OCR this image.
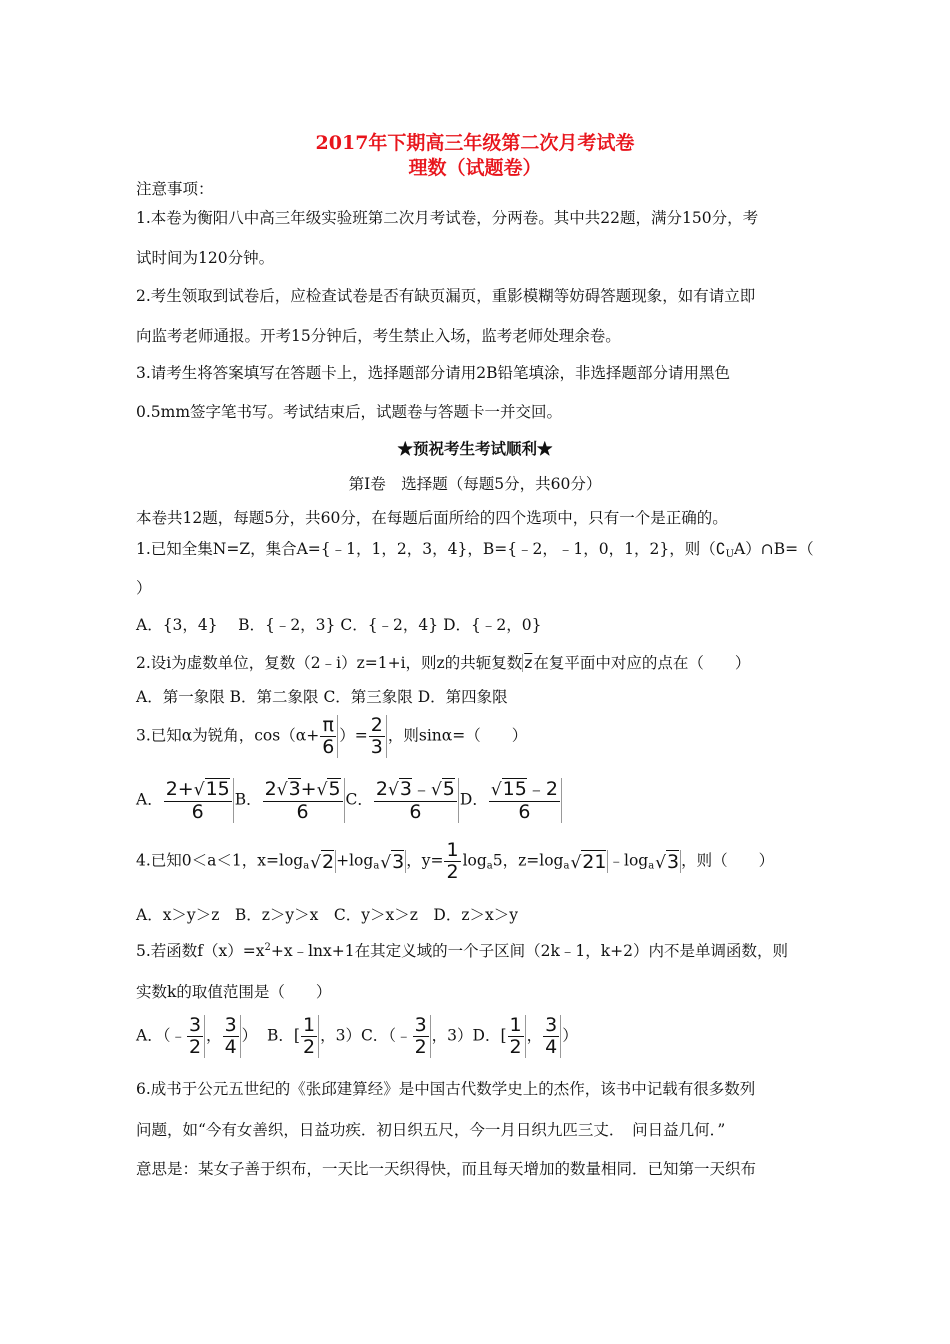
2017年下期高三年级第二次月考试卷
理数（试题卷）
注意事项：
1.本卷为衡阳八中高三年级实验班第二次月考试卷，分两卷。其中共22题，满分150分，考
试时间为120分钟。
2.考生领取到试卷后，应检查试卷是否有缺页漏页，重影模糊等妨碍答题现象，如有请立即
向监考老师通报。开考15分钟后，考生禁止入场，监考老师处理余卷。
3.请考生将答案填写在答题卡上，选择题部分请用2B铅笔填涂，非选择题部分请用黑色
0.5mm签字笔书写。考试结束后，试题卷与答题卡一并交回。
★预祝考生考试顺利★
第Ⅰ卷　选择题（每题5分，共60分）
本卷共12题，每题5分，共60分，在每题后面所给的四个选项中，只有一个是正确的。
1.已知全集N=Z，集合A={﹣1，1，2，3，4}，B={﹣2，﹣1，0，1，2}，则$(∁_UA)\cap B=$（
）
A．{3，4}　 B．{﹣2，3} C．{﹣2，4} D．{﹣2，0}
2.设i为虚数单位，复数（2﹣i）z=1+i，则z的共轭复数 $\overline{z}$在复平面中对应的点在（　　）
A．第一象限 B．第二象限 C．第三象限 D．第四象限
3.已知α为锐角，$\cos(\alpha+ \frac{\pi}{6}$ ）= $\frac{2}{3}$ ，则sinα=（　　）
A． $\frac{2+√15}{6}$ B． $\frac{2√3+√5}{6}$ C． $\frac{2√3﹣√5}{6}$ D． $\frac{√15﹣2}{6}$
4.已知0＜a＜1，$x=\log_a√2 +\log_a√3$ ，$y= \frac{1}{2} \log_a5$，$z=\log_a√21$ $﹣\log_a√3$ ，则（　　）
A．x＞y＞z　B．z＞y＞x　C．y＞x＞z　D．z＞x＞y
5.若函数$f(x)=x^2+x﹣\ln x+1$在其定义域的一个子区间（2k﹣1，k+2）内不是单调函数，则
实数k的取值范围是（　　）
A．（﹣ $\frac{3}{2}$ ， $\frac{3}{4}$ ） B．[ $\frac{1}{2}$ ，3）C．（﹣ $\frac{3}{2}$ ，3）D．[ $\frac{1}{2}$ ， $\frac{3}{4}$ ）
6.成书于公元五世纪的《张邱建算经》是中国古代数学史上的杰作，该书中记载有很多数列
问题，如“今有女善织，日益功疾．初日织五尺，今一月日织九匹三丈．　问日益几何．”
意思是：某女子善于织布，一天比一天织得快，而且每天增加的数量相同．已知第一天织布
